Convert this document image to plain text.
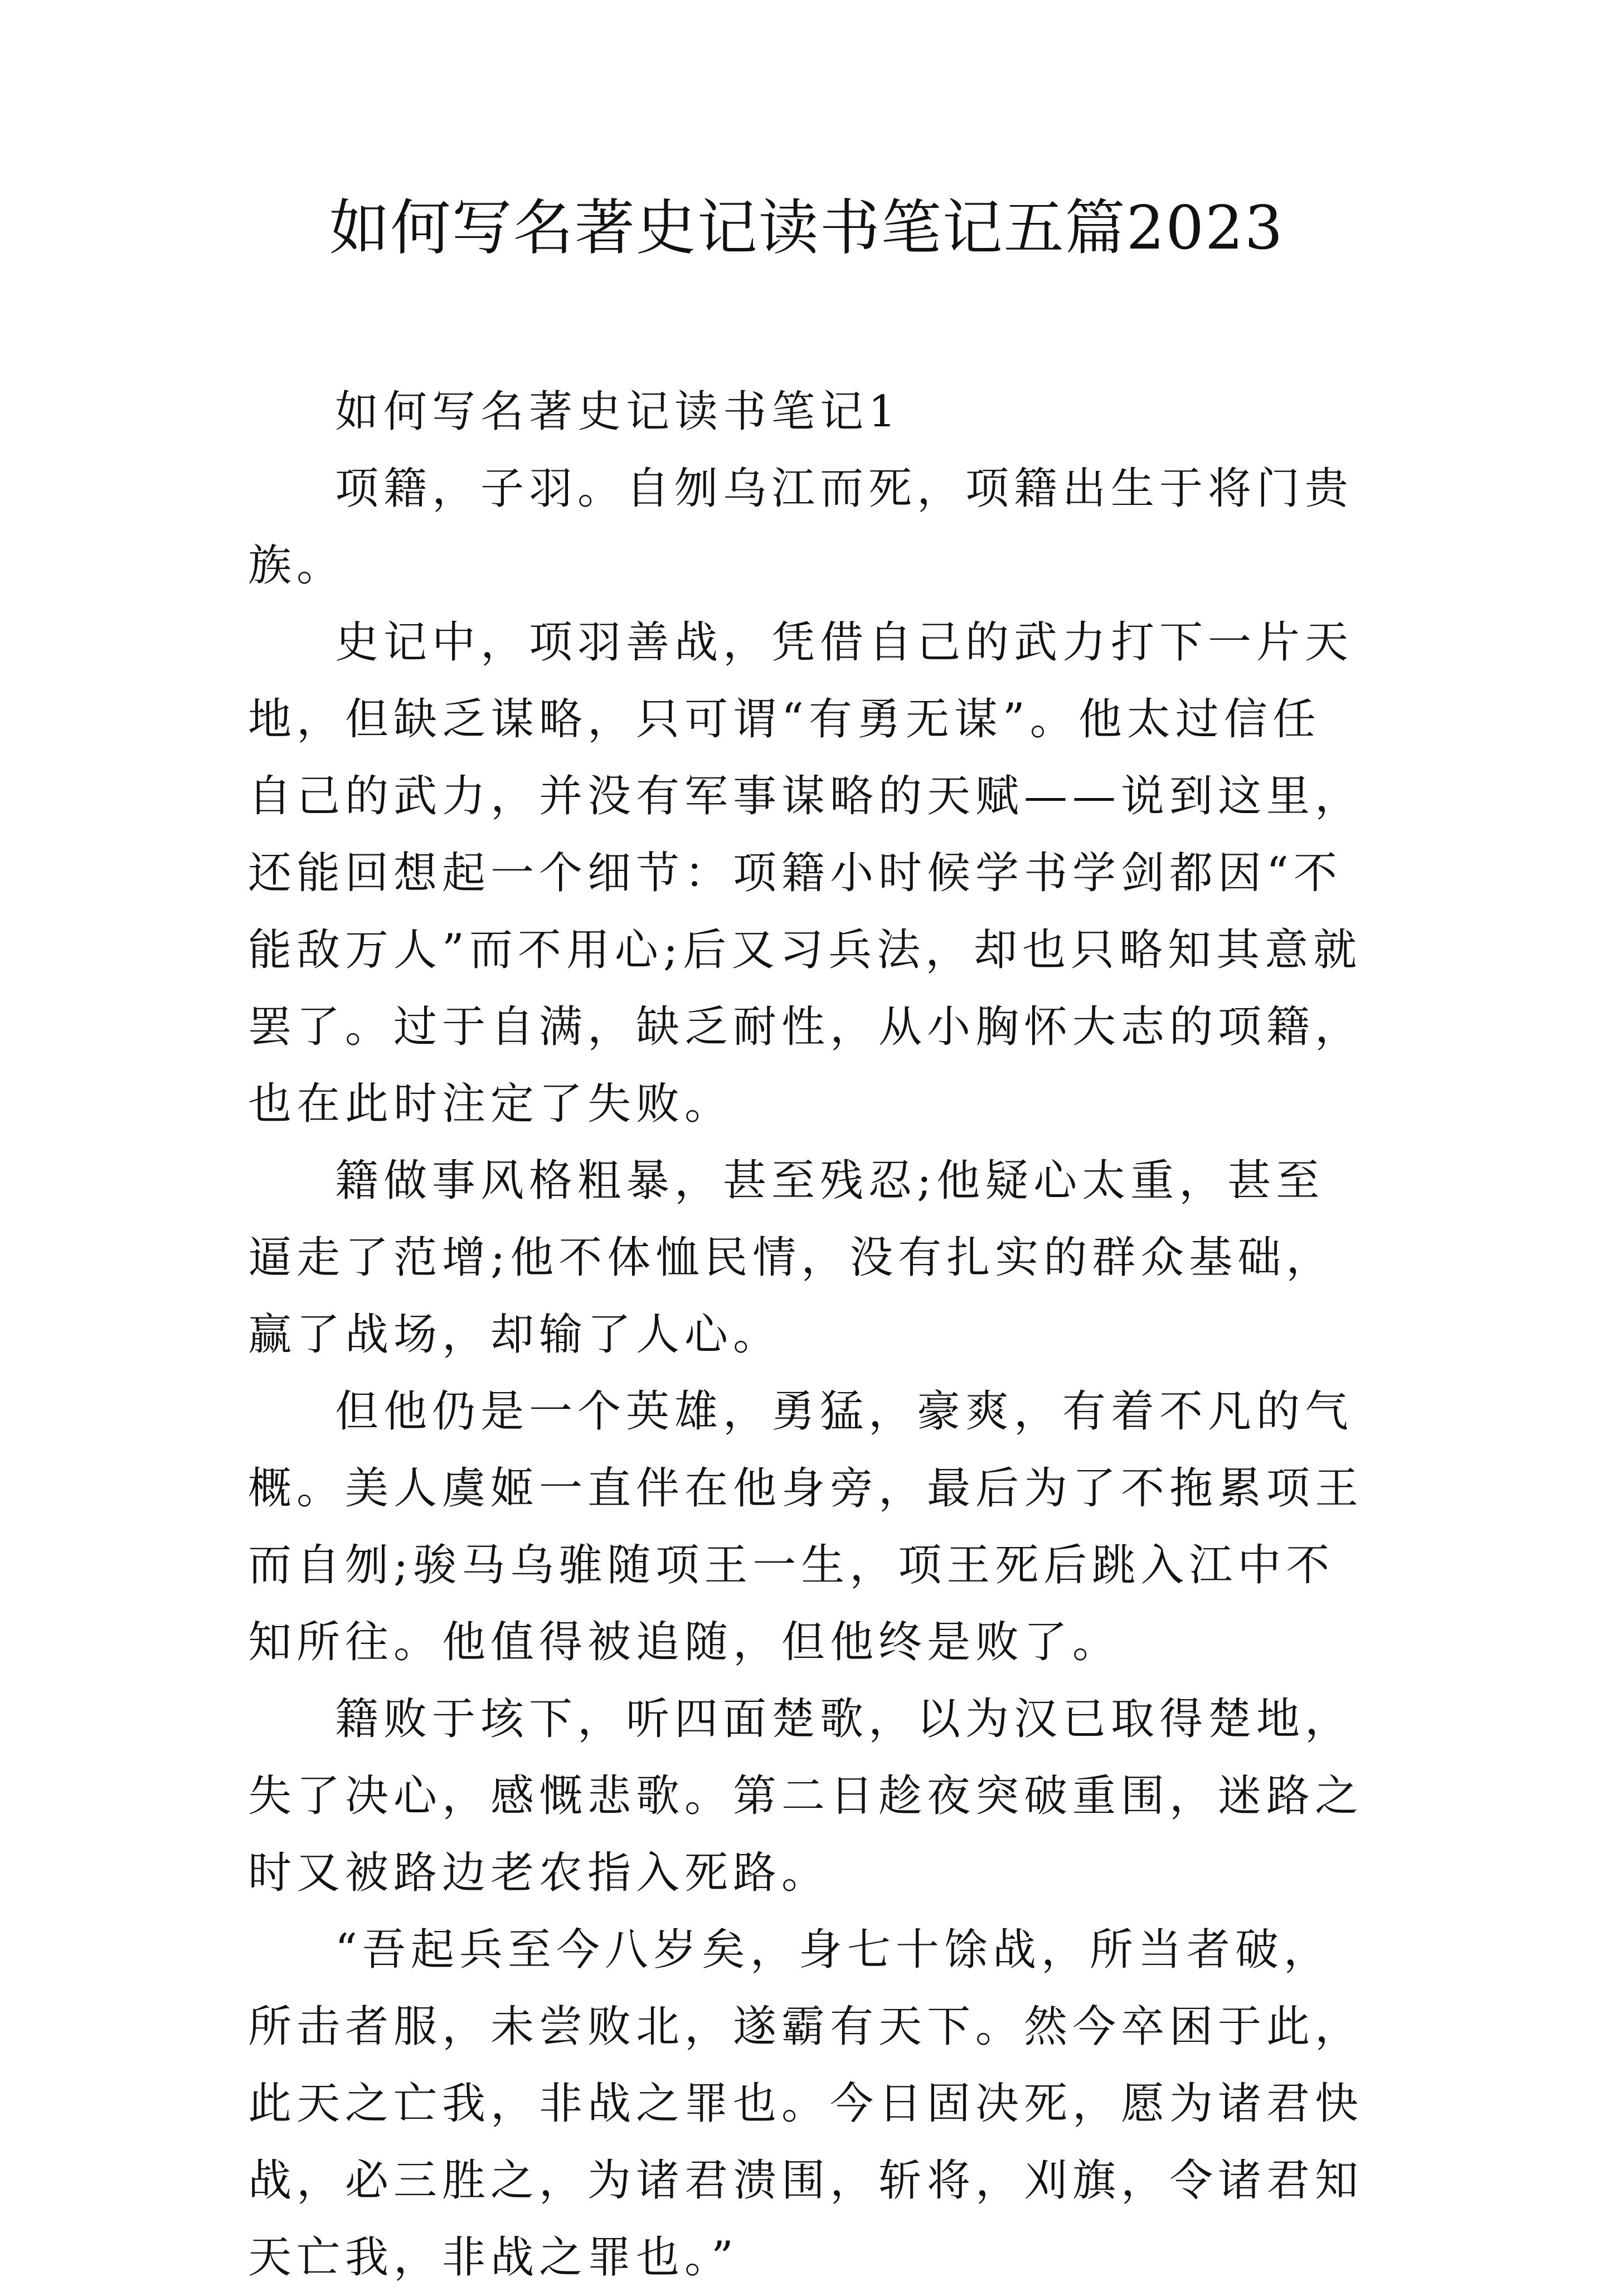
如何写名著史记读书笔记五篇2023

如何写名著史记读书笔记1

项籍，子羽。自刎乌江而死，项籍出生于将门贵族。

史记中，项羽善战，凭借自己的武力打下一片天地，但缺乏谋略，只可谓“有勇无谋”。他太过信任自己的武力，并没有军事谋略的天赋——说到这里，还能回想起一个细节：项籍小时候学书学剑都因“不能敌万人”而不用心;后又习兵法，却也只略知其意就罢了。过于自满，缺乏耐性，从小胸怀大志的项籍，也在此时注定了失败。

籍做事风格粗暴，甚至残忍;他疑心太重，甚至逼走了范增;他不体恤民情，没有扎实的群众基础，赢了战场，却输了人心。

但他仍是一个英雄，勇猛，豪爽，有着不凡的气概。美人虞姬一直伴在他身旁，最后为了不拖累项王而自刎;骏马乌骓随项王一生，项王死后跳入江中不知所往。他值得被追随，但他终是败了。

籍败于垓下，听四面楚歌，以为汉已取得楚地，失了决心，感慨悲歌。第二日趁夜突破重围，迷路之时又被路边老农指入死路。

“吾起兵至今八岁矣，身七十馀战，所当者破，所击者服，未尝败北，遂霸有天下。然今卒困于此，此天之亡我，非战之罪也。今日固决死，愿为诸君快战，必三胜之，为诸君溃围，斩将，刈旗，令诸君知天亡我，非战之罪也。”
